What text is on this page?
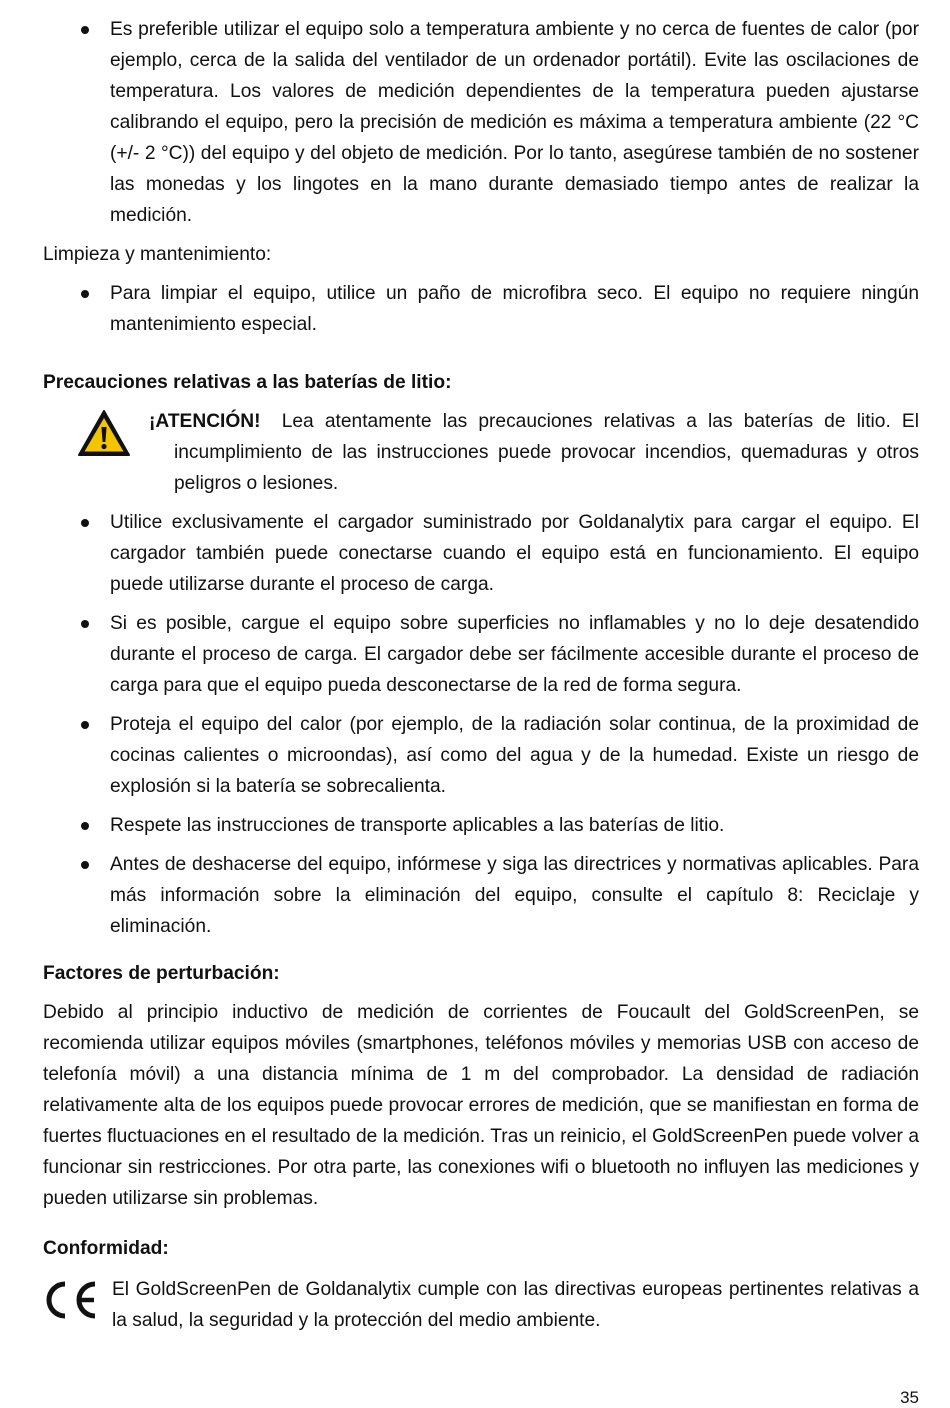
Es preferible utilizar el equipo solo a temperatura ambiente y no cerca de fuentes de calor (por ejemplo, cerca de la salida del ventilador de un ordenador portátil). Evite las oscilaciones de temperatura. Los valores de medición dependientes de la temperatura pueden ajustarse calibrando el equipo, pero la precisión de medición es máxima a temperatura ambiente (22 °C (+/- 2 °C)) del equipo y del objeto de medición. Por lo tanto, asegúrese también de no sostener las monedas y los lingotes en la mano durante demasiado tiempo antes de realizar la medición.

Limpieza y mantenimiento:

Para limpiar el equipo, utilice un paño de microfibra seco. El equipo no requiere ningún mantenimiento especial.

Precauciones relativas a las baterías de litio:

¡ATENCIÓN! Lea atentamente las precauciones relativas a las baterías de litio. El incumplimiento de las instrucciones puede provocar incendios, quemaduras y otros peligros o lesiones.
Utilice exclusivamente el cargador suministrado por Goldanalytix para cargar el equipo. El cargador también puede conectarse cuando el equipo está en funcionamiento. El equipo puede utilizarse durante el proceso de carga.
Si es posible, cargue el equipo sobre superficies no inflamables y no lo deje desatendido durante el proceso de carga. El cargador debe ser fácilmente accesible durante el proceso de carga para que el equipo pueda desconectarse de la red de forma segura.
Proteja el equipo del calor (por ejemplo, de la radiación solar continua, de la proximidad de cocinas calientes o microondas), así como del agua y de la humedad. Existe un riesgo de explosión si la batería se sobrecalienta.
Respete las instrucciones de transporte aplicables a las baterías de litio.
Antes de deshacerse del equipo, infórmese y siga las directrices y normativas aplicables. Para más información sobre la eliminación del equipo, consulte el capítulo 8: Reciclaje y eliminación.

Factores de perturbación:

Debido al principio inductivo de medición de corrientes de Foucault del GoldScreenPen, se recomienda utilizar equipos móviles (smartphones, teléfonos móviles y memorias USB con acceso de telefonía móvil) a una distancia mínima de 1 m del comprobador. La densidad de radiación relativamente alta de los equipos puede provocar errores de medición, que se manifiestan en forma de fuertes fluctuaciones en el resultado de la medición. Tras un reinicio, el GoldScreenPen puede volver a funcionar sin restricciones. Por otra parte, las conexiones wifi o bluetooth no influyen las mediciones y pueden utilizarse sin problemas.

Conformidad:

El GoldScreenPen de Goldanalytix cumple con las directivas europeas pertinentes relativas a la salud, la seguridad y la protección del medio ambiente.
35
